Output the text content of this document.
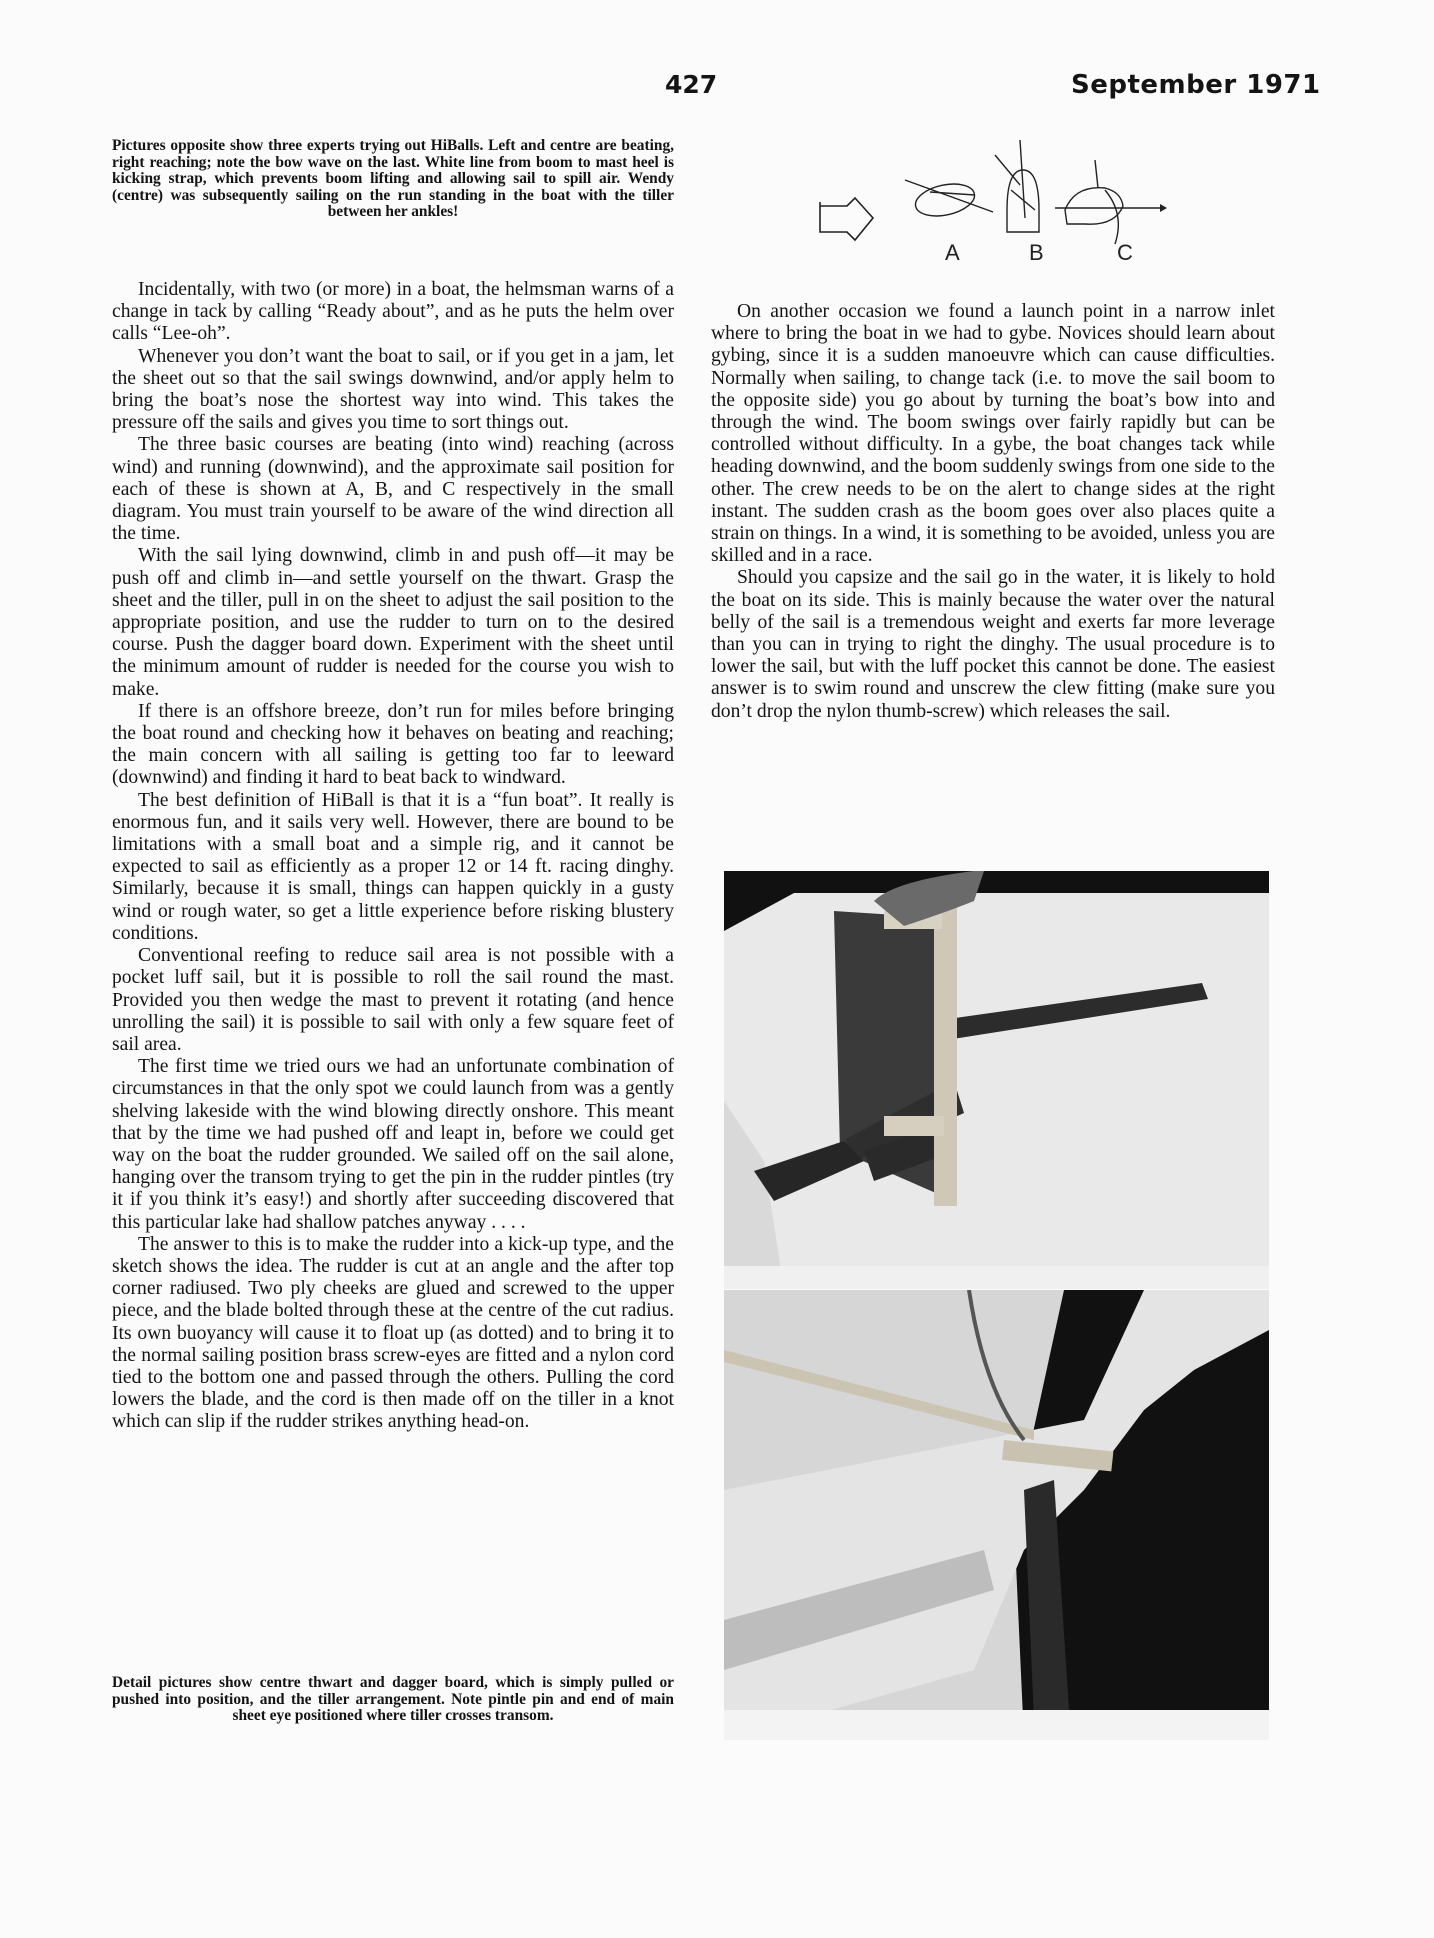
427	September 1971
Pictures opposite show three experts trying out HiBalls. Left and centre are beating, right reaching; note the bow wave on the last. White line from boom to mast heel is kicking strap, which prevents boom lifting and allowing sail to spill air. Wendy (centre) was subsequently sailing on the run standing in the boat with the tiller between her ankles!
A	B	C

Incidentally, with two (or more) in a boat, the helmsman warns of a change in tack by calling “Ready about”, and as he puts the helm over calls “Lee-oh”.

Whenever you don’t want the boat to sail, or if you get in a jam, let the sheet out so that the sail swings downwind, and/or apply helm to bring the boat’s nose the shortest way into wind. This takes the pressure off the sails and gives you time to sort things out.

The three basic courses are beating (into wind) reaching (across wind) and running (downwind), and the approximate sail position for each of these is shown at A, B, and C respectively in the small diagram. You must train yourself to be aware of the wind direction all the time.

With the sail lying downwind, climb in and push off—it may be push off and climb in—and settle yourself on the thwart. Grasp the sheet and the tiller, pull in on the sheet to adjust the sail position to the appropriate position, and use the rudder to turn on to the desired course. Push the dagger board down. Experiment with the sheet until the minimum amount of rudder is needed for the course you wish to make.

If there is an offshore breeze, don’t run for miles before bringing the boat round and checking how it behaves on beating and reaching; the main concern with all sailing is getting too far to leeward (downwind) and finding it hard to beat back to windward.

The best definition of HiBall is that it is a “fun boat”. It really is enormous fun, and it sails very well. However, there are bound to be limitations with a small boat and a simple rig, and it cannot be expected to sail as efficiently as a proper 12 or 14 ft. racing dinghy. Similarly, because it is small, things can happen quickly in a gusty wind or rough water, so get a little experience before risking blustery conditions.

Conventional reefing to reduce sail area is not possible with a pocket luff sail, but it is possible to roll the sail round the mast. Provided you then wedge the mast to prevent it rotating (and hence unrolling the sail) it is possible to sail with only a few square feet of sail area.

The first time we tried ours we had an unfortunate combination of circumstances in that the only spot we could launch from was a gently shelving lakeside with the wind blowing directly onshore. This meant that by the time we had pushed off and leapt in, before we could get way on the boat the rudder grounded. We sailed off on the sail alone, hanging over the transom trying to get the pin in the rudder pintles (try it if you think it’s easy!) and shortly after succeeding discovered that this particular lake had shallow patches anyway . . . .

The answer to this is to make the rudder into a kick-up type, and the sketch shows the idea. The rudder is cut at an angle and the after top corner radiused. Two ply cheeks are glued and screwed to the upper piece, and the blade bolted through these at the centre of the cut radius. Its own buoyancy will cause it to float up (as dotted) and to bring it to the normal sailing position brass screw-eyes are fitted and a nylon cord tied to the bottom one and passed through the others. Pulling the cord lowers the blade, and the cord is then made off on the tiller in a knot which can slip if the rudder strikes anything head-on.

On another occasion we found a launch point in a narrow inlet where to bring the boat in we had to gybe. Novices should learn about gybing, since it is a sudden manoeuvre which can cause difficulties. Normally when sailing, to change tack (i.e. to move the sail boom to the opposite side) you go about by turning the boat’s bow into and through the wind. The boom swings over fairly rapidly but can be controlled without difficulty. In a gybe, the boat changes tack while heading downwind, and the boom suddenly swings from one side to the other. The crew needs to be on the alert to change sides at the right instant. The sudden crash as the boom goes over also places quite a strain on things. In a wind, it is something to be avoided, unless you are skilled and in a race.

Should you capsize and the sail go in the water, it is likely to hold the boat on its side. This is mainly because the water over the natural belly of the sail is a tremendous weight and exerts far more leverage than you can in trying to right the dinghy. The usual procedure is to lower the sail, but with the luff pocket this cannot be done. The easiest answer is to swim round and unscrew the clew fitting (make sure you don’t drop the nylon thumb-screw) which releases the sail.

Detail pictures show centre thwart and dagger board, which is simply pulled or pushed into position, and the tiller arrangement. Note pintle pin and end of main sheet eye positioned where tiller crosses transom.
